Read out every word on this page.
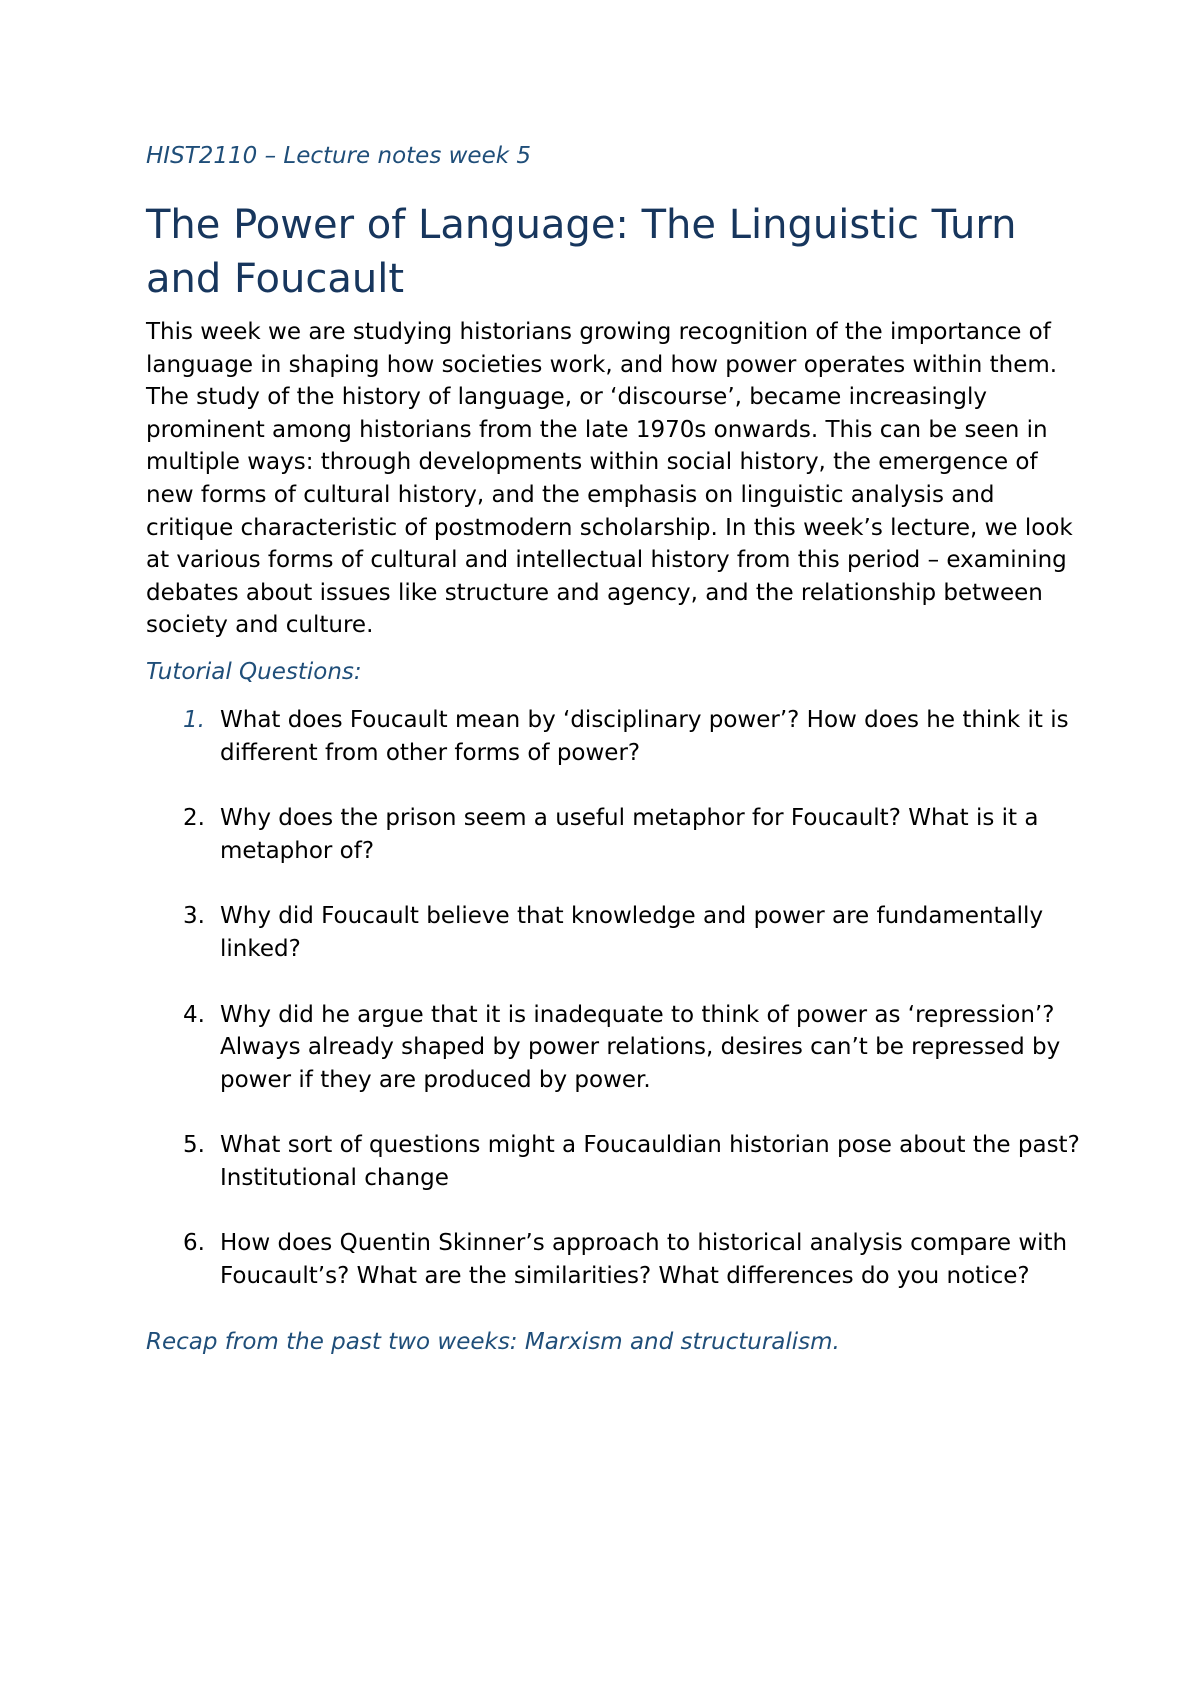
HIST2110 – Lecture notes week 5

The Power of Language: The Linguistic Turn and Foucault

This week we are studying historians growing recognition of the importance of language in shaping how societies work, and how power operates within them. The study of the history of language, or ‘discourse’, became increasingly prominent among historians from the late 1970s onwards. This can be seen in multiple ways: through developments within social history, the emergence of new forms of cultural history, and the emphasis on linguistic analysis and critique characteristic of postmodern scholarship. In this week’s lecture, we look at various forms of cultural and intellectual history from this period – examining debates about issues like structure and agency, and the relationship between society and culture.

Tutorial Questions:

1. What does Foucault mean by ‘disciplinary power’? How does he think it is different from other forms of power?
2. Why does the prison seem a useful metaphor for Foucault? What is it a metaphor of?
3. Why did Foucault believe that knowledge and power are fundamentally linked?
4. Why did he argue that it is inadequate to think of power as ‘repression’?
Always already shaped by power relations, desires can’t be repressed by power if they are produced by power.
5. What sort of questions might a Foucauldian historian pose about the past?
Institutional change
6. How does Quentin Skinner’s approach to historical analysis compare with Foucault’s? What are the similarities? What differences do you notice?

Recap from the past two weeks: Marxism and structuralism.
